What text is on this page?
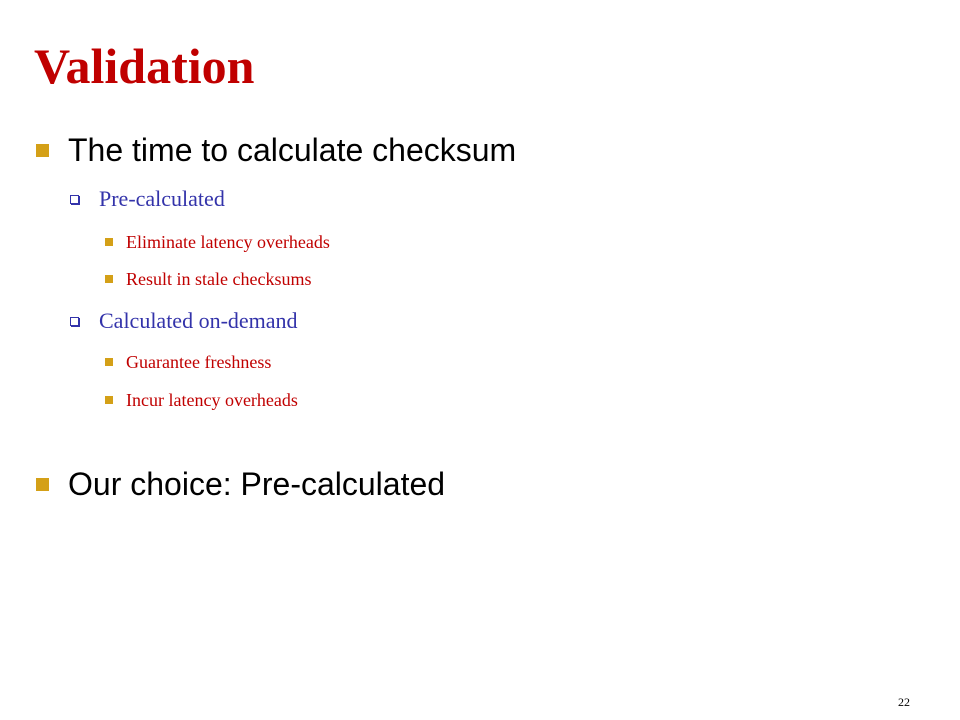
Validation
The time to calculate checksum
Pre-calculated
Eliminate latency overheads
Result in stale checksums
Calculated on-demand
Guarantee freshness
Incur latency overheads
Our choice: Pre-calculated
22
